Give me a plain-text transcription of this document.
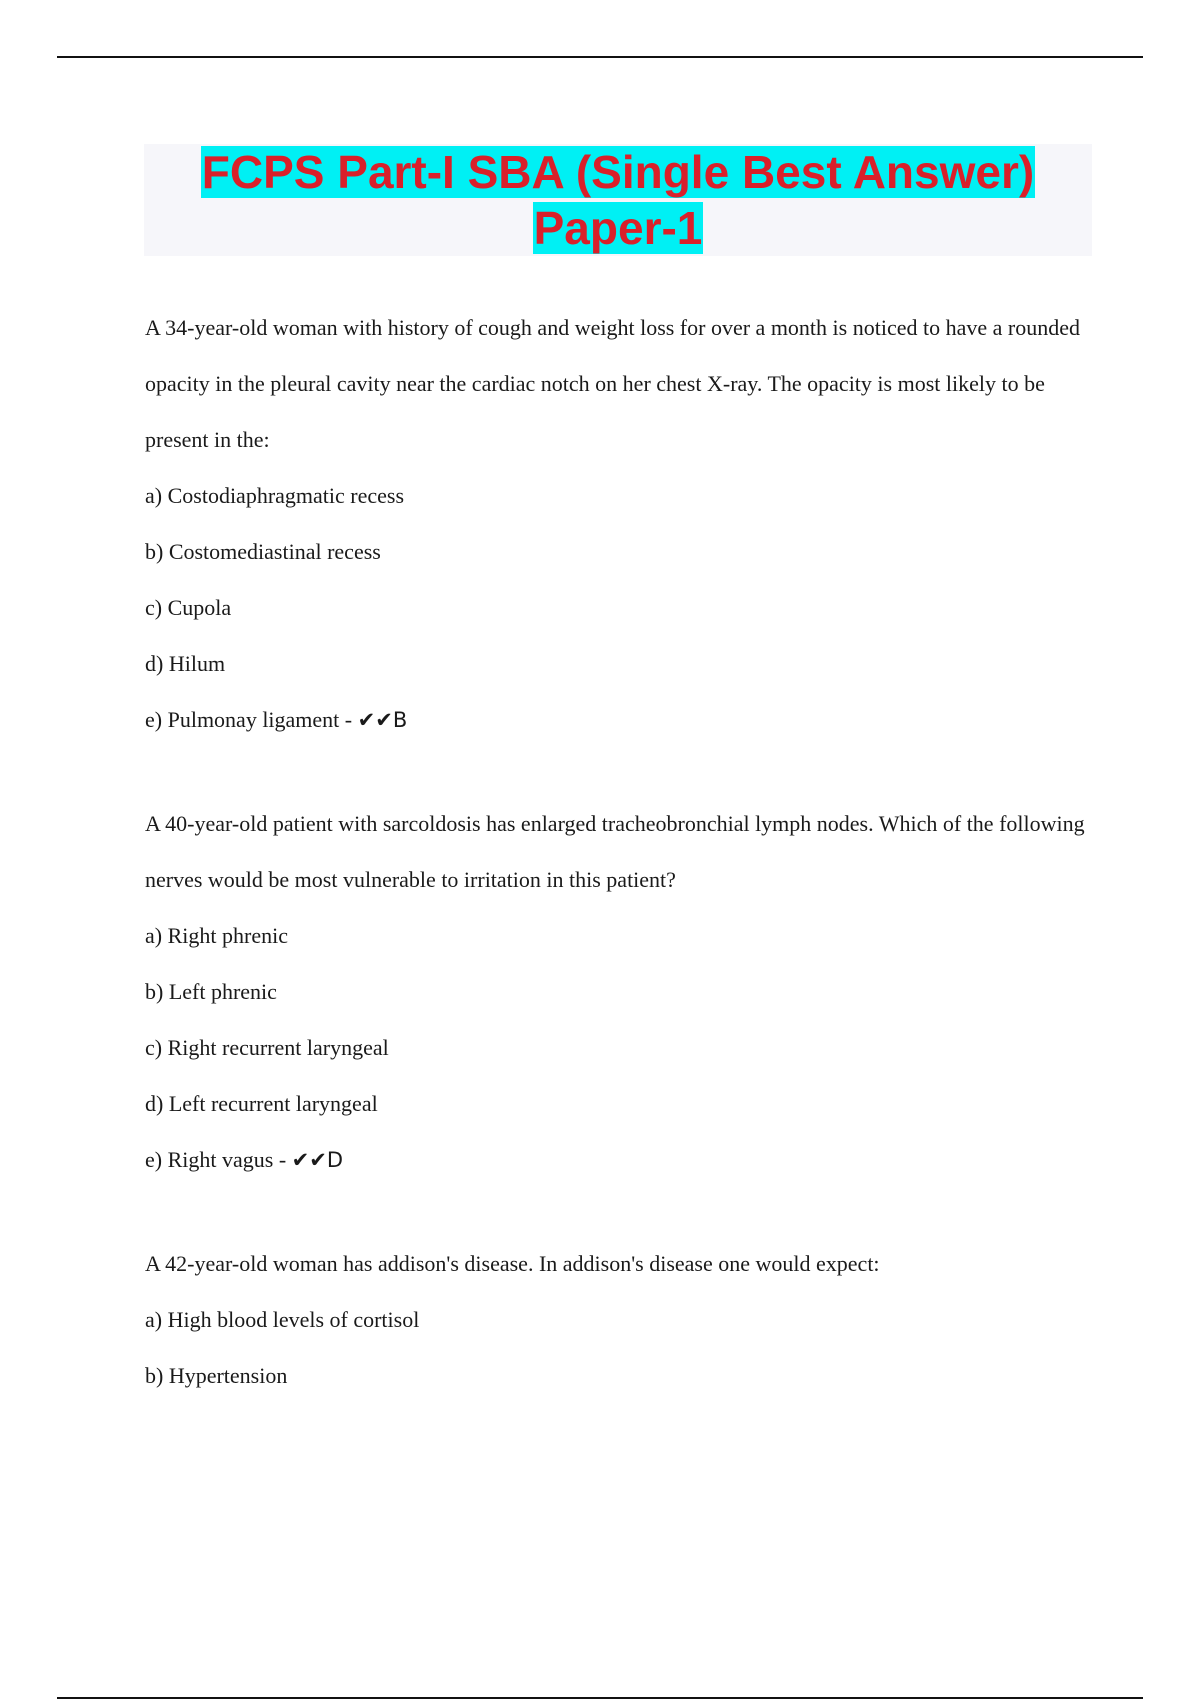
FCPS Part-I SBA (Single Best Answer)
Paper-1

A 34-year-old woman with history of cough and weight loss for over a month is noticed to have a rounded opacity in the pleural cavity near the cardiac notch on her chest X-ray. The opacity is most likely to be present in the:

a) Costodiaphragmatic recess

b) Costomediastinal recess

c) Cupola

d) Hilum

e) Pulmonay ligament - ✔✔B

A 40-year-old patient with sarcoldosis has enlarged tracheobronchial lymph nodes. Which of the following nerves would be most vulnerable to irritation in this patient?

a) Right phrenic

b) Left phrenic

c) Right recurrent laryngeal

d) Left recurrent laryngeal

e) Right vagus - ✔✔D

A 42-year-old woman has addison's disease. In addison's disease one would expect:

a) High blood levels of cortisol

b) Hypertension
